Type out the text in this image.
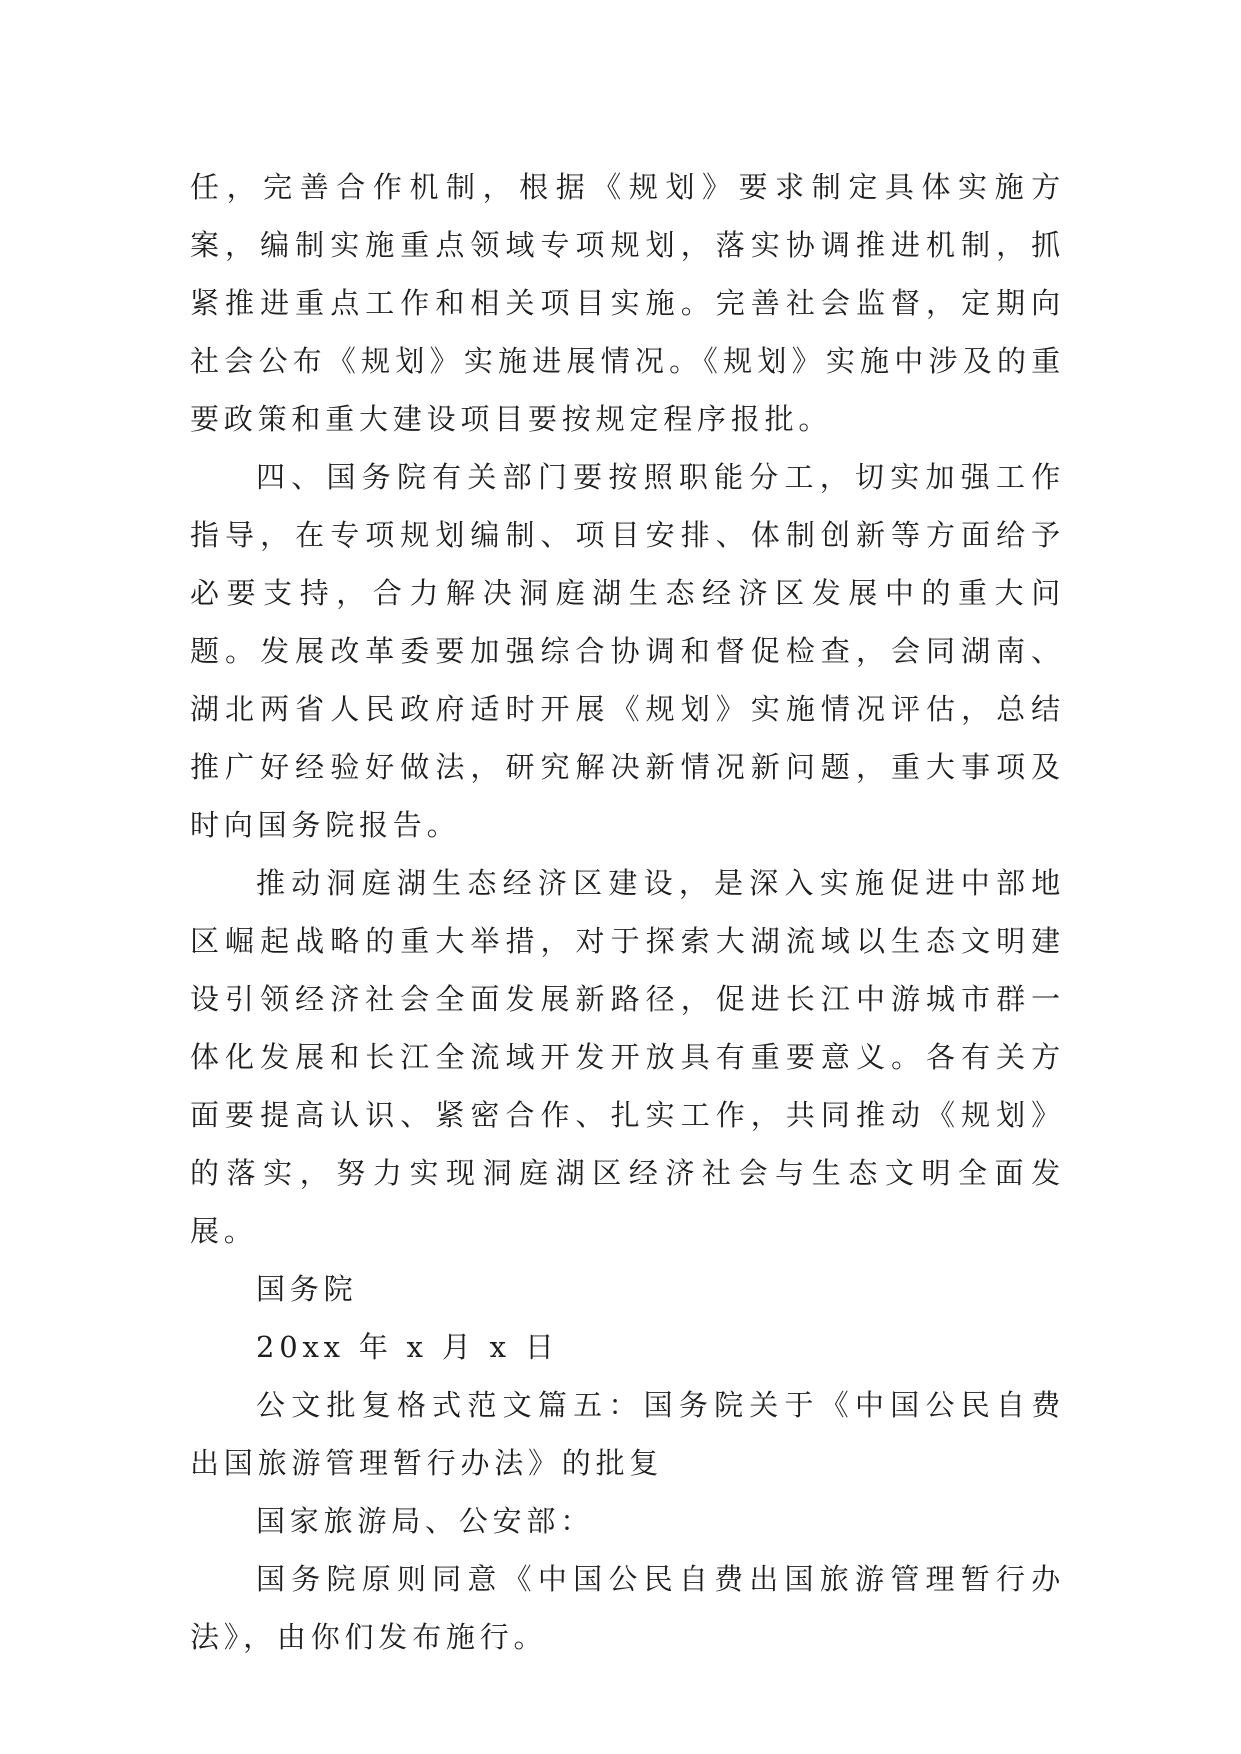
任，完善合作机制，根据《规划》要求制定具体实施方案，编制实施重点领域专项规划，落实协调推进机制，抓紧推进重点工作和相关项目实施。完善社会监督，定期向社会公布《规划》实施进展情况。《规划》实施中涉及的重要政策和重大建设项目要按规定程序报批。

四、国务院有关部门要按照职能分工，切实加强工作指导，在专项规划编制、项目安排、体制创新等方面给予必要支持，合力解决洞庭湖生态经济区发展中的重大问题。发展改革委要加强综合协调和督促检查，会同湖南、湖北两省人民政府适时开展《规划》实施情况评估，总结推广好经验好做法，研究解决新情况新问题，重大事项及时向国务院报告。

推动洞庭湖生态经济区建设，是深入实施促进中部地区崛起战略的重大举措，对于探索大湖流域以生态文明建设引领经济社会全面发展新路径，促进长江中游城市群一体化发展和长江全流域开发开放具有重要意义。各有关方面要提高认识、紧密合作、扎实工作，共同推动《规划》的落实，努力实现洞庭湖区经济社会与生态文明全面发展。

国务院

20xx 年 x 月 x 日

公文批复格式范文篇五：国务院关于《中国公民自费出国旅游管理暂行办法》的批复

国家旅游局、公安部：

国务院原则同意《中国公民自费出国旅游管理暂行办法》，由你们发布施行。
